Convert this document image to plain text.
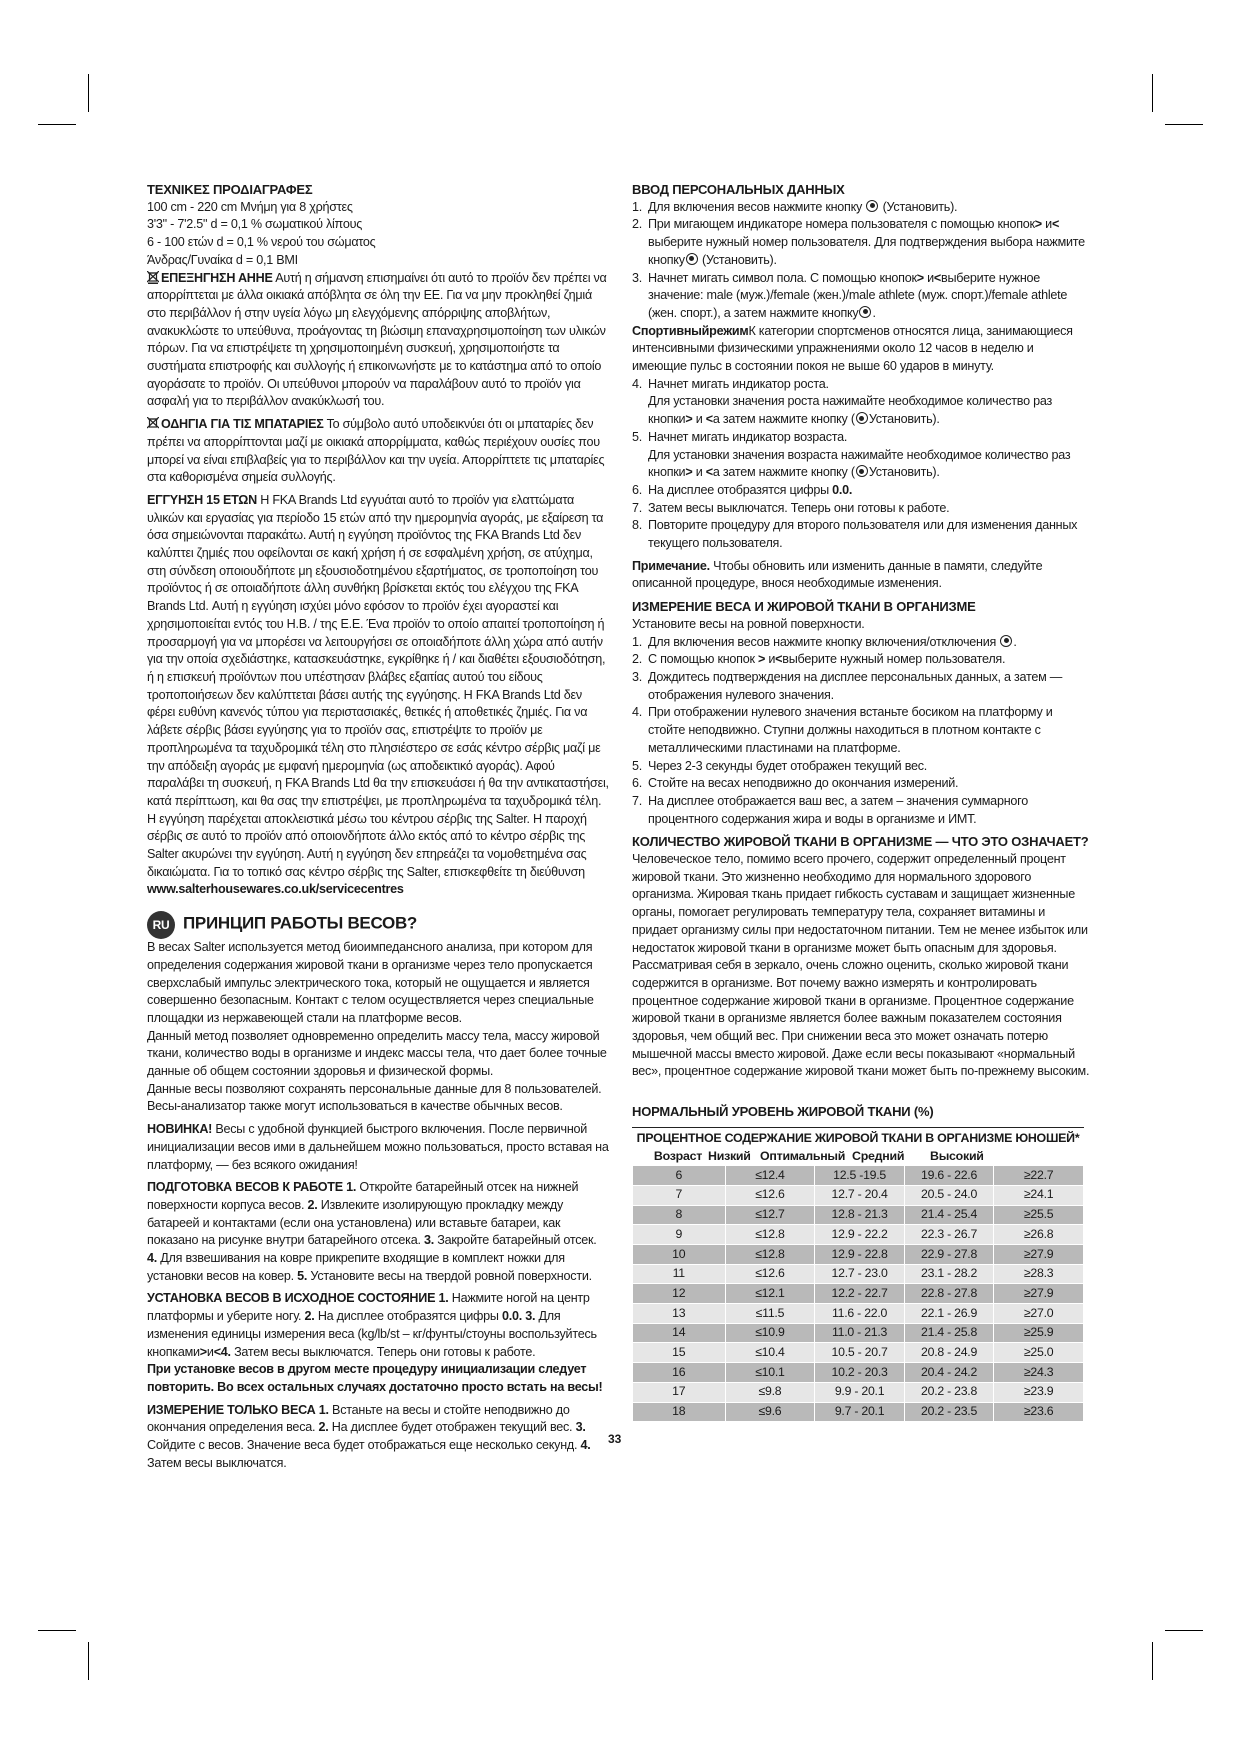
ΤΕΧΝΙΚΕΣ ΠΡΟΔΙΑΓΡΑΦΕΣ

100 cm - 220 cm Μνήμη για 8 χρήστες

3'3" - 7'2.5" d = 0,1 % σωματικού λίπους

6 - 100 ετών d = 0,1 % νερού του σώματος

Άνδρας/Γυναίκα d = 0,1 BMI

ΕΠΕΞΗΓΗΣΗ ΑΗΗΕ Αυτή η σήμανση επισημαίνει ότι αυτό το προϊόν δεν πρέπει να απορρίπτεται με άλλα οικιακά απόβλητα σε όλη την ΕΕ. Για να μην προκληθεί ζημιά στο περιβάλλον ή στην υγεία λόγω μη ελεγχόμενης απόρριψης αποβλήτων, ανακυκλώστε το υπεύθυνα, προάγοντας τη βιώσιμη επαναχρησιμοποίηση των υλικών πόρων. Για να επιστρέψετε τη χρησιμοποιημένη συσκευή, χρησιμοποιήστε τα συστήματα επιστροφής και συλλογής ή επικοινωνήστε με το κατάστημα από το οποίο αγοράσατε το προϊόν. Οι υπεύθυνοι μπορούν να παραλάβουν αυτό το προϊόν για ασφαλή για το περιβάλλον ανακύκλωσή του.

ΟΔΗΓΙΑ ΓΙΑ ΤΙΣ ΜΠΑΤΑΡΙΕΣ Το σύμβολο αυτό υποδεικνύει ότι οι μπαταρίες δεν πρέπει να απορρίπτονται μαζί με οικιακά απορρίμματα, καθώς περιέχουν ουσίες που μπορεί να είναι επιβλαβείς για το περιβάλλον και την υγεία. Απορρίπτετε τις μπαταρίες στα καθορισμένα σημεία συλλογής.

ΕΓΓΥΗΣΗ 15 ΕΤΩΝ Η FKA Brands Ltd εγγυάται αυτό το προϊόν για ελαττώματα υλικών και εργασίας για περίοδο 15 ετών από την ημερομηνία αγοράς, με εξαίρεση τα όσα σημειώνονται παρακάτω. Αυτή η εγγύηση προϊόντος της FKA Brands Ltd δεν καλύπτει ζημιές που οφείλονται σε κακή χρήση ή σε εσφαλμένη χρήση, σε ατύχημα, στη σύνδεση οποιουδήποτε μη εξουσιοδοτημένου εξαρτήματος, σε τροποποίηση του προϊόντος ή σε οποιαδήποτε άλλη συνθήκη βρίσκεται εκτός του ελέγχου της FKA Brands Ltd. Αυτή η εγγύηση ισχύει μόνο εφόσον το προϊόν έχει αγοραστεί και χρησιμοποιείται εντός του Η.Β. / της Ε.Ε. Ένα προϊόν το οποίο απαιτεί τροποποίηση ή προσαρμογή για να μπορέσει να λειτουργήσει σε οποιαδήποτε άλλη χώρα από αυτήν για την οποία σχεδιάστηκε, κατασκευάστηκε, εγκρίθηκε ή / και διαθέτει εξουσιοδότηση, ή η επισκευή προϊόντων που υπέστησαν βλάβες εξαιτίας αυτού του είδους τροποποιήσεων δεν καλύπτεται βάσει αυτής της εγγύησης. Η FKA Brands Ltd δεν φέρει ευθύνη κανενός τύπου για περιστασιακές, θετικές ή αποθετικές ζημιές. Για να λάβετε σέρβις βάσει εγγύησης για το προϊόν σας, επιστρέψτε το προϊόν με προπληρωμένα τα ταχυδρομικά τέλη στο πλησιέστερο σε εσάς κέντρο σέρβις μαζί με την απόδειξη αγοράς με εμφανή ημερομηνία (ως αποδεικτικό αγοράς). Αφού παραλάβει τη συσκευή, η FKA Brands Ltd θα την επισκευάσει ή θα την αντικαταστήσει, κατά περίπτωση, και θα σας την επιστρέψει, με προπληρωμένα τα ταχυδρομικά τέλη. Η εγγύηση παρέχεται αποκλειστικά μέσω του κέντρου σέρβις της Salter. Η παροχή σέρβις σε αυτό το προϊόν από οποιονδήποτε άλλο εκτός από το κέντρο σέρβις της Salter ακυρώνει την εγγύηση. Αυτή η εγγύηση δεν επηρεάζει τα νομοθετημένα σας δικαιώματα. Για το τοπικό σας κέντρο σέρβις της Salter, επισκεφθείτε τη διεύθυνση www.salterhousewares.co.uk/servicecentres

RU ПРИНЦИП РАБОТЫ ВЕСОВ?

В весах Salter используется метод биоимпедансного анализа, при котором для определения содержания жировой ткани в организме через тело пропускается сверхслабый импульс электрического тока, который не ощущается и является совершенно безопасным. Контакт с телом осуществляется через специальные площадки из нержавеющей стали на платформе весов.

Данный метод позволяет одновременно определить массу тела, массу жировой ткани, количество воды в организме и индекс массы тела, что дает более точные данные об общем состоянии здоровья и физической формы.

Данные весы позволяют сохранять персональные данные для 8 пользователей.

Весы-анализатор также могут использоваться в качестве обычных весов.

НОВИНКА! Весы с удобной функцией быстрого включения. После первичной инициализации весов ими в дальнейшем можно пользоваться, просто вставая на платформу, — без всякого ожидания!

ПОДГОТОВКА ВЕСОВ К РАБОТЕ 1. Откройте батарейный отсек на нижней поверхности корпуса весов. 2. Извлеките изолирующую прокладку между батареей и контактами (если она установлена) или вставьте батареи, как показано на рисунке внутри батарейного отсека. 3. Закройте батарейный отсек. 4. Для взвешивания на ковре прикрепите входящие в комплект ножки для установки весов на ковер. 5. Установите весы на твердой ровной поверхности.

УСТАНОВКА ВЕСОВ В ИСХОДНОЕ СОСТОЯНИЕ 1. Нажмите ногой на центр платформы и уберите ногу. 2. На дисплее отобразятся цифры 0.0. 3. Для изменения единицы измерения веса (kg/lb/st – кг/фунты/стоуны воспользуйтесь кнопками>и<4. Затем весы выключатся. Теперь они готовы к работе.

При установке весов в другом месте процедуру инициализации следует повторить. Во всех остальных случаях достаточно просто встать на весы!

ИЗМЕРЕНИЕ ТОЛЬКО ВЕСА 1. Встаньте на весы и стойте неподвижно до окончания определения веса. 2. На дисплее будет отображен текущий вес. 3. Сойдите с весов. Значение веса будет отображаться еще несколько секунд. 4. Затем весы выключатся.

ВВОД ПЕРСОНАЛЬНЫХ ДАННЫХ

1. Для включения весов нажмите кнопку (Установить).
2. При мигающем индикаторе номера пользователя с помощью кнопок> и< выберите нужный номер пользователя. Для подтверждения выбора нажмите кнопку (Установить).
3. Начнет мигать символ пола. С помощью кнопок> и<выберите нужное значение: male (муж.)/female (жен.)/male athlete (муж. спорт.)/female athlete (жен. спорт.), а затем нажмите кнопку .

СпортивныйрежимК категории спортсменов относятся лица, занимающиеся интенсивными физическими упражнениями около 12 часов в неделю и имеющие пульс в состоянии покоя не выше 60 ударов в минуту.

4. Начнет мигать индикатор роста.

Для установки значения роста нажимайте необходимое количество раз кнопки> и <а затем нажмите кнопку ( Установить).

5. Начнет мигать индикатор возраста.

Для установки значения возраста нажимайте необходимое количество раз кнопки> и <а затем нажмите кнопку ( Установить).

6. На дисплее отобразятся цифры 0.0.
7. Затем весы выключатся. Теперь они готовы к работе.
8. Повторите процедуру для второго пользователя или для изменения данных текущего пользователя.

Примечание. Чтобы обновить или изменить данные в памяти, следуйте описанной процедуре, внося необходимые изменения.

ИЗМЕРЕНИЕ ВЕСА И ЖИРОВОЙ ТКАНИ В ОРГАНИЗМЕ

Установите весы на ровной поверхности.

1. Для включения весов нажмите кнопку включения/отключения .
2. С помощью кнопок > и<выберите нужный номер пользователя.
3. Дождитесь подтверждения на дисплее персональных данных, а затем — отображения нулевого значения.
4. При отображении нулевого значения встаньте босиком на платформу и стойте неподвижно. Ступни должны находиться в плотном контакте с металлическими пластинами на платформе.
5. Через 2-3 секунды будет отображен текущий вес.
6. Стойте на весах неподвижно до окончания измерений.
7. На дисплее отображается ваш вес, а затем – значения суммарного процентного содержания жира и воды в организме и ИМТ.

КОЛИЧЕСТВО ЖИРОВОЙ ТКАНИ В ОРГАНИЗМЕ — ЧТО ЭТО ОЗНАЧАЕТ?

Человеческое тело, помимо всего прочего, содержит определенный процент жировой ткани. Это жизненно необходимо для нормального здорового организма. Жировая ткань придает гибкость суставам и защищает жизненные органы, помогает регулировать температуру тела, сохраняет витамины и придает организму силы при недостаточном питании. Тем не менее избыток или недостаток жировой ткани в организме может быть опасным для здоровья. Рассматривая себя в зеркало, очень сложно оценить, сколько жировой ткани содержится в организме. Вот почему важно измерять и контролировать процентное содержание жировой ткани в организме. Процентное содержание жировой ткани в организме является более важным показателем состояния здоровья, чем общий вес. При снижении веса это может означать потерю мышечной массы вместо жировой. Даже если весы показывают «нормальный вес», процентное содержание жировой ткани может быть по-прежнему высоким.

НОРМАЛЬНЫЙ УРОВЕНЬ ЖИРОВОЙ ТКАНИ (%)

ПРОЦЕНТНОЕ СОДЕРЖАНИЕ ЖИРОВОЙ ТКАНИ В ОРГАНИЗМЕ ЮНОШЕЙ*
Возраст Низкий Оптимальный Средний	Высокий
6	≤12.4	12.5 -19.5	19.6 - 22.6	≥22.7
7	≤12.6	12.7 - 20.4	20.5 - 24.0	≥24.1
8	≤12.7	12.8 - 21.3	21.4 - 25.4	≥25.5
9	≤12.8	12.9 - 22.2	22.3 - 26.7	≥26.8
10	≤12.8	12.9 - 22.8	22.9 - 27.8	≥27.9
11	≤12.6	12.7 - 23.0	23.1 - 28.2	≥28.3
12	≤12.1	12.2 - 22.7	22.8 - 27.8	≥27.9
13	≤11.5	11.6 - 22.0	22.1 - 26.9	≥27.0
14	≤10.9	11.0 - 21.3	21.4 - 25.8	≥25.9
15	≤10.4	10.5 - 20.7	20.8 - 24.9	≥25.0
16	≤10.1	10.2 - 20.3	20.4 - 24.2	≥24.3
17	≤9.8	9.9 - 20.1	20.2 - 23.8	≥23.9
18	≤9.6	9.7 - 20.1	20.2 - 23.5	≥23.6
33
